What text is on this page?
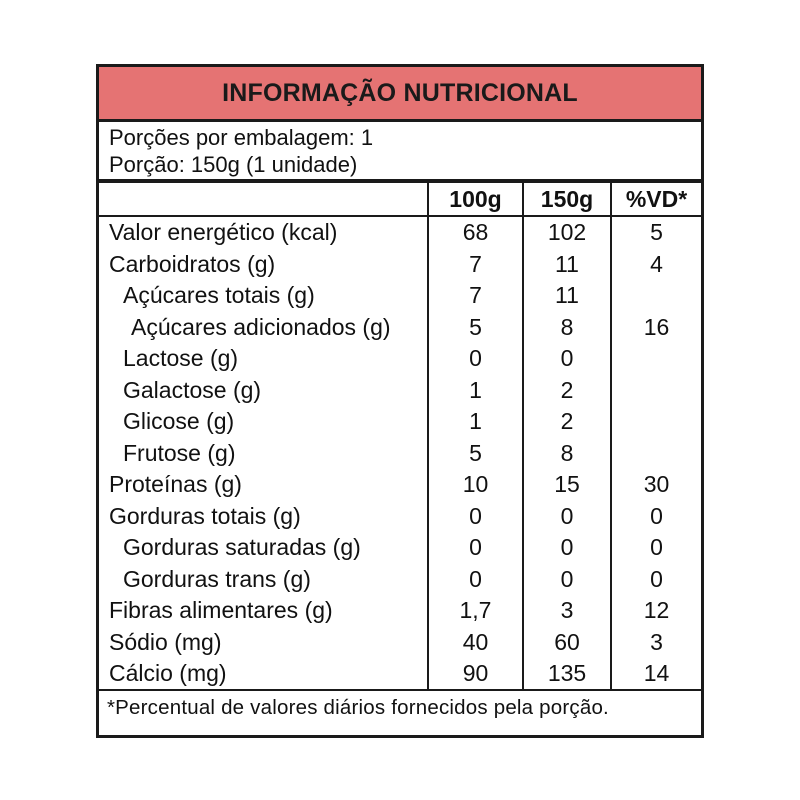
INFORMAÇÃO NUTRICIONAL
Porções por embalagem: 1
Porção: 150g (1 unidade)
	100g	150g	%VD*
Valor energético (kcal)	68	102	5
Carboidratos (g)	7	11	4
Açúcares totais (g)	7	11	
Açúcares adicionados (g)	5	8	16
Lactose (g)	0	0	
Galactose (g)	1	2	
Glicose (g)	1	2	
Frutose (g)	5	8	
Proteínas (g)	10	15	30
Gorduras totais (g)	0	0	0
Gorduras saturadas (g)	0	0	0
Gorduras trans (g)	0	0	0
Fibras alimentares (g)	1,7	3	12
Sódio (mg)	40	60	3
Cálcio (mg)	90	135	14
*Percentual de valores diários fornecidos pela porção.
